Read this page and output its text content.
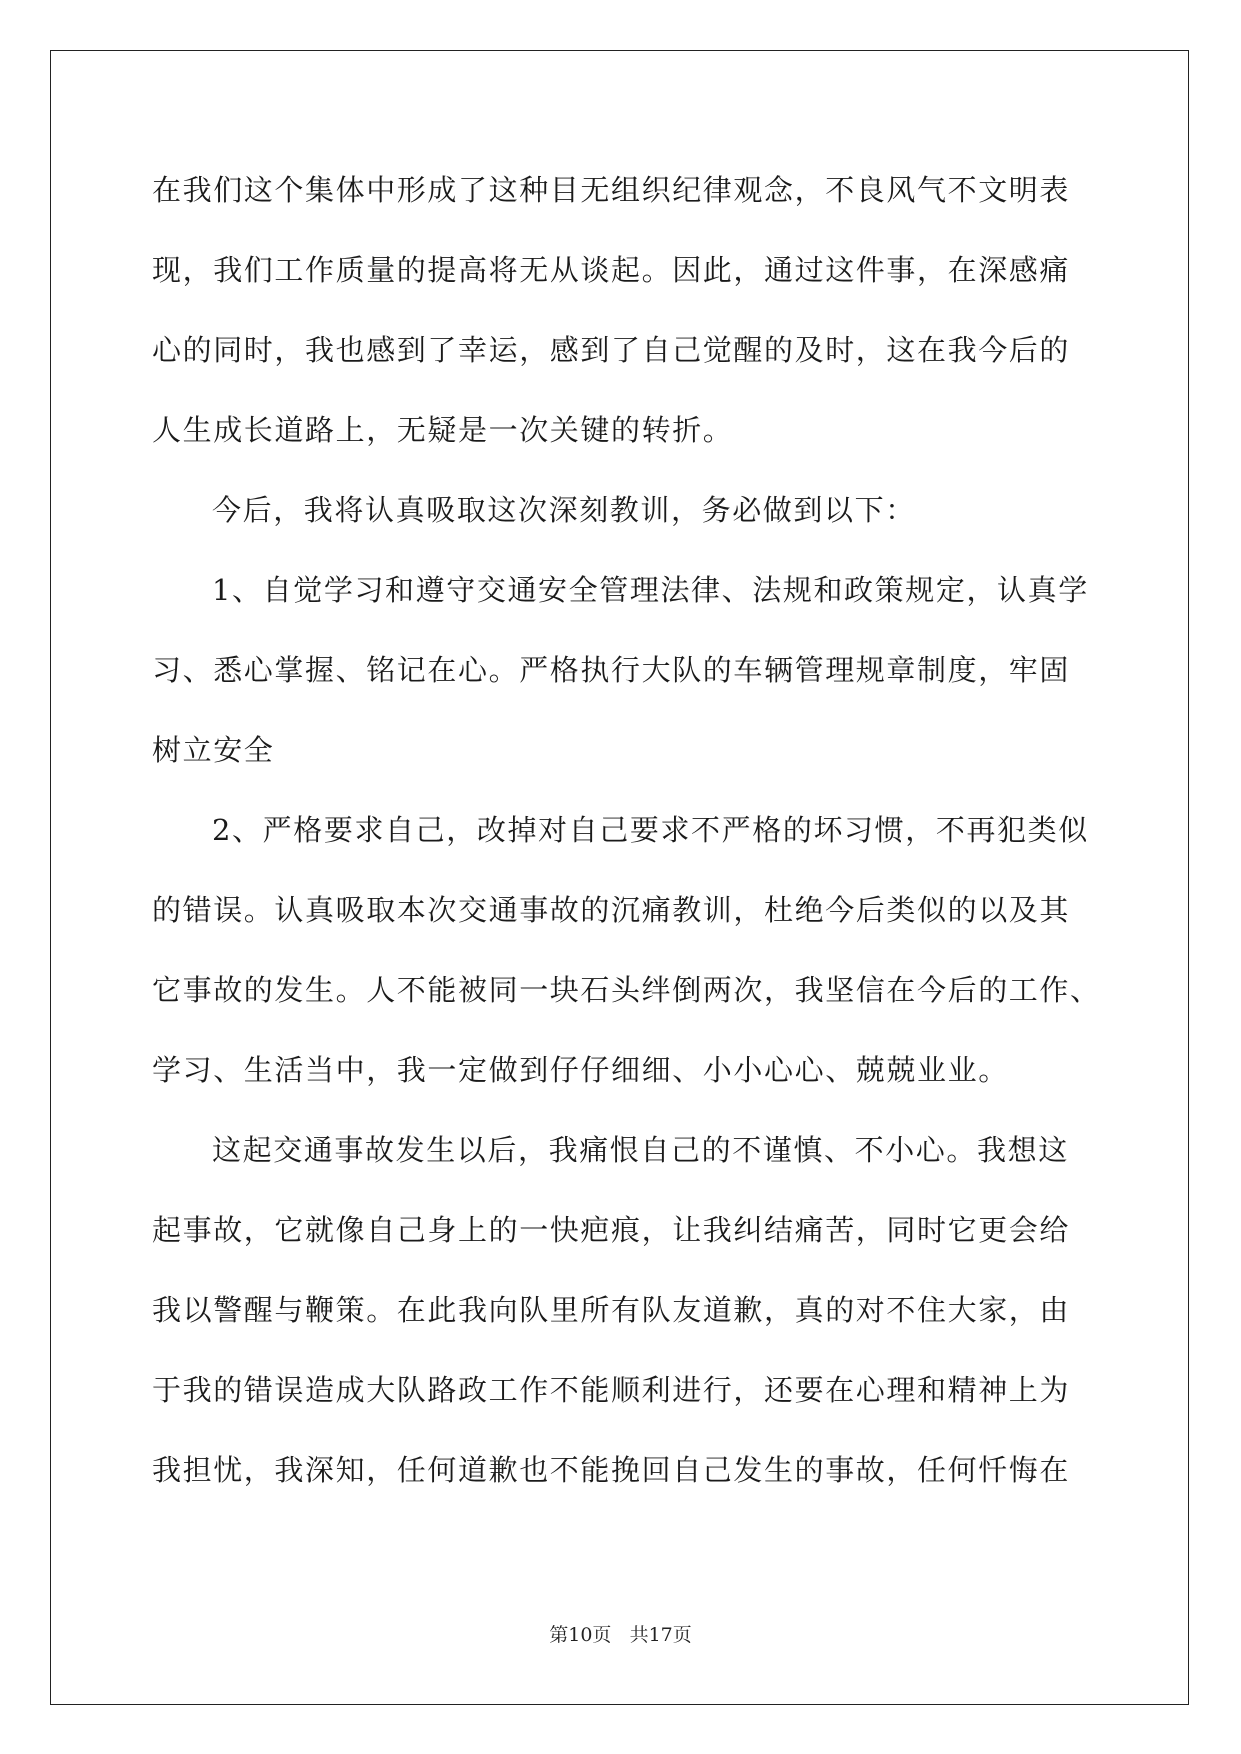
在我们这个集体中形成了这种目无组织纪律观念，不良风气不文明表
现，我们工作质量的提高将无从谈起。因此，通过这件事，在深感痛
心的同时，我也感到了幸运，感到了自己觉醒的及时，这在我今后的
人生成长道路上，无疑是一次关键的转折。
今后，我将认真吸取这次深刻教训，务必做到以下：
1、自觉学习和遵守交通安全管理法律、法规和政策规定，认真学
习、悉心掌握、铭记在心。严格执行大队的车辆管理规章制度，牢固
树立安全
2、严格要求自己，改掉对自己要求不严格的坏习惯，不再犯类似
的错误。认真吸取本次交通事故的沉痛教训，杜绝今后类似的以及其
它事故的发生。人不能被同一块石头绊倒两次，我坚信在今后的工作、
学习、生活当中，我一定做到仔仔细细、小小心心、兢兢业业。
这起交通事故发生以后，我痛恨自己的不谨慎、不小心。我想这
起事故，它就像自己身上的一快疤痕，让我纠结痛苦，同时它更会给
我以警醒与鞭策。在此我向队里所有队友道歉，真的对不住大家，由
于我的错误造成大队路政工作不能顺利进行，还要在心理和精神上为
我担忧，我深知，任何道歉也不能挽回自己发生的事故，任何忏悔在
第10页 共17页
